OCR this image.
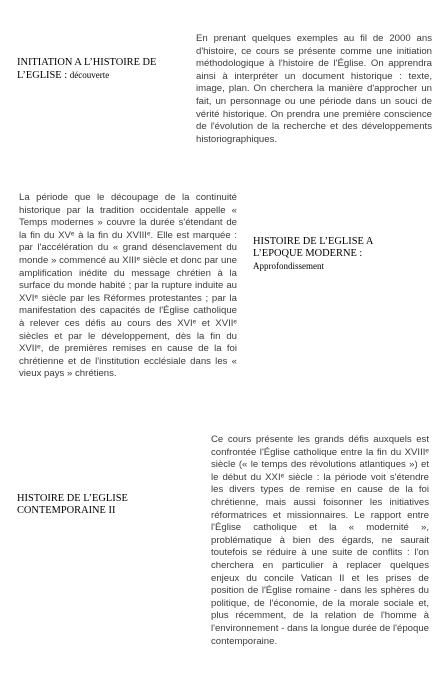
INITIATION A L’HISTOIRE DE L’EGLISE : découverte

En prenant quelques exemples au fil de 2000 ans d'histoire, ce cours se présente comme une initiation méthodologique à l'histoire de l'Église. On apprendra ainsi à interpréter un document historique : texte, image, plan. On cherchera la manière d'approcher un fait, un personnage ou une période dans un souci de vérité historique. On prendra une première conscience de l'évolution de la recherche et des développements historiographiques.

La période que le découpage de la continuité historique par la tradition occidentale appelle « Temps modernes » couvre la durée s'étendant de la fin du XVᵉ à la fin du XVIIIᵉ. Elle est marquée : par l'accélération du « grand désenclavement du monde » commencé au XIIIᵉ siècle et donc par une amplification inédite du message chrétien à la surface du monde habité ; par la rupture induite au XVIᵉ siècle par les Réformes protestantes ; par la manifestation des capacités de l'Église catholique à relever ces défis au cours des XVIᵉ et XVIIᵉ siècles et par le développement, dès la fin du XVIIᵉ, de premières remises en cause de la foi chrétienne et de l'institution ecclésiale dans les « vieux pays » chrétiens.

HISTOIRE DE L’EGLISE A L’EPOQUE MODERNE :
Approfondissement
HISTOIRE DE L’EGLISE CONTEMPORAINE II

Ce cours présente les grands défis auxquels est confrontée l'Église catholique entre la fin du XVIIIᵉ siècle (« le temps des révolutions atlantiques ») et le début du XXIᵉ siècle : la période voit s'étendre les divers types de remise en cause de la foi chrétienne, mais aussi foisonner les initiatives réformatrices et missionnaires. Le rapport entre l'Église catholique et la « modernité », problématique à bien des égards, ne saurait toutefois se réduire à une suite de conflits : l'on cherchera en particulier à replacer quelques enjeux du concile Vatican II et les prises de position de l'Église romaine - dans les sphères du politique, de l'économie, de la morale sociale et, plus récemment, de la relation de l'homme à l'environnement - dans la longue durée de l'époque contemporaine.
